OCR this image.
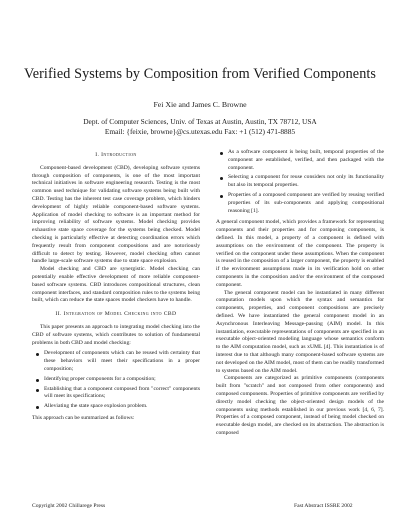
Verified Systems by Composition from Verified Components
Fei Xie and James C. Browne
Dept. of Computer Sciences, Univ. of Texas at Austin, Austin, TX 78712, USA
Email: {feixie, browne}@cs.utexas.edu Fax: +1 (512) 471-8885
I. Introduction

Component-based development (CBD), developing software systems through composition of components, is one of the most important technical initiatives in software engineering research. Testing is the most common used technique for validating software systems being built with CBD. Testing has the inherent test case coverage problem, which hinders development of highly reliable component-based software systems. Application of model checking to software is an important method for improving reliability of software systems. Model checking provides exhaustive state space coverage for the systems being checked. Model checking is particularly effective at detecting coordination errors which frequently result from component compositions and are notoriously difficult to detect by testing. However, model checking often cannot handle large-scale software systems due to state space explosion.

Model checking and CBD are synergistic. Model checking can potentially enable effective development of more reliable component-based software systems. CBD introduces compositional structures, clean component interfaces, and standard composition rules to the systems being built, which can reduce the state spaces model checkers have to handle.

II. Integration of Model Checking into CBD

This paper presents an approach to integrating model checking into the CBD of software systems, which contributes to solution of fundamental problems in both CBD and model checking:

Development of components which can be reused with certainty that these behaviors will meet their specifications in a proper composition;
Identifying proper components for a composition;
Establishing that a component composed from "correct" components will meet its specifications;
Alleviating the state space explosion problem.

This approach can be summarized as follows:

As a software component is being built, temporal properties of the component are established, verified, and then packaged with the component.
Selecting a component for reuse considers not only its functionality but also its temporal properties.
Properties of a composed component are verified by reusing verified properties of its sub-components and applying compositional reasoning [1].

A general component model, which provides a framework for representing components and their properties and for composing components, is defined. In this model, a property of a component is defined with assumptions on the environment of the component. The property is verified on the component under these assumptions. When the component is reused in the composition of a larger component, the property is enabled if the environment assumptions made in its verification hold on other components in the composition and/or the environment of the composed component.

The general component model can be instantiated in many different computation models upon which the syntax and semantics for components, properties, and component compositions are precisely defined. We have instantiated the general component model in an Asynchronous Interleaving Message-passing (AIM) model. In this instantiation, executable representations of components are specified in an executable object-oriented modeling language whose semantics conform to the AIM computation model, such as xUML [4]. This instantiation is of interest due to that although many component-based software systems are not developed on the AIM model, most of them can be readily transformed to systems based on the AIM model.

Components are categorized as primitive components (components built from "scratch" and not composed from other components) and composed components. Properties of primitive components are verified by directly model checking the object-oriented design models of the components using methods established in our previous work [4, 6, 7]. Properties of a composed component, instead of being model checked on executable design model, are checked on its abstraction. The abstraction is composed

Copyright 2002 Chillarege Press	Fast Abstract ISSRE 2002
